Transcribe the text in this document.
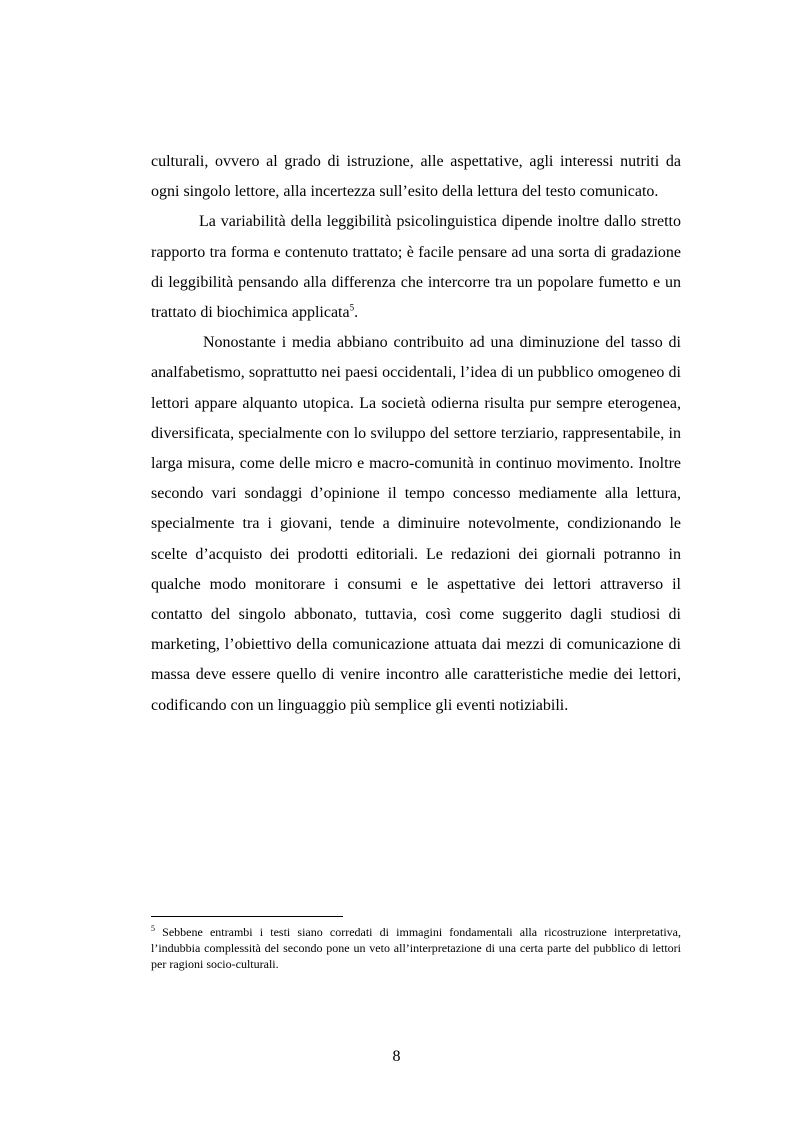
culturali, ovvero al grado di istruzione, alle aspettative, agli interessi nutriti da ogni singolo lettore, alla incertezza sull’esito della lettura del testo comunicato.

La variabilità della leggibilità psicolinguistica dipende inoltre dallo stretto rapporto tra forma e contenuto trattato; è facile pensare ad una sorta di gradazione di leggibilità pensando alla differenza che intercorre tra un popolare fumetto e un trattato di biochimica applicata$^5$.

Nonostante i media abbiano contribuito ad una diminuzione del tasso di analfabetismo, soprattutto nei paesi occidentali, l’idea di un pubblico omogeneo di lettori appare alquanto utopica. La società odierna risulta pur sempre eterogenea, diversificata, specialmente con lo sviluppo del settore terziario, rappresentabile, in larga misura, come delle micro e macro-comunità in continuo movimento. Inoltre secondo vari sondaggi d’opinione il tempo concesso mediamente alla lettura, specialmente tra i giovani, tende a diminuire notevolmente, condizionando le scelte d’acquisto dei prodotti editoriali. Le redazioni dei giornali potranno in qualche modo monitorare i consumi e le aspettative dei lettori attraverso il contatto del singolo abbonato, tuttavia, così come suggerito dagli studiosi di marketing, l’obiettivo della comunicazione attuata dai mezzi di comunicazione di massa deve essere quello di venire incontro alle caratteristiche medie dei lettori, codificando con un linguaggio più semplice gli eventi notiziabili.

$^5$ Sebbene entrambi i testi siano corredati di immagini fondamentali alla ricostruzione interpretativa, l’indubbia complessità del secondo pone un veto all’interpretazione di una certa parte del pubblico di lettori per ragioni socio-culturali.
8
